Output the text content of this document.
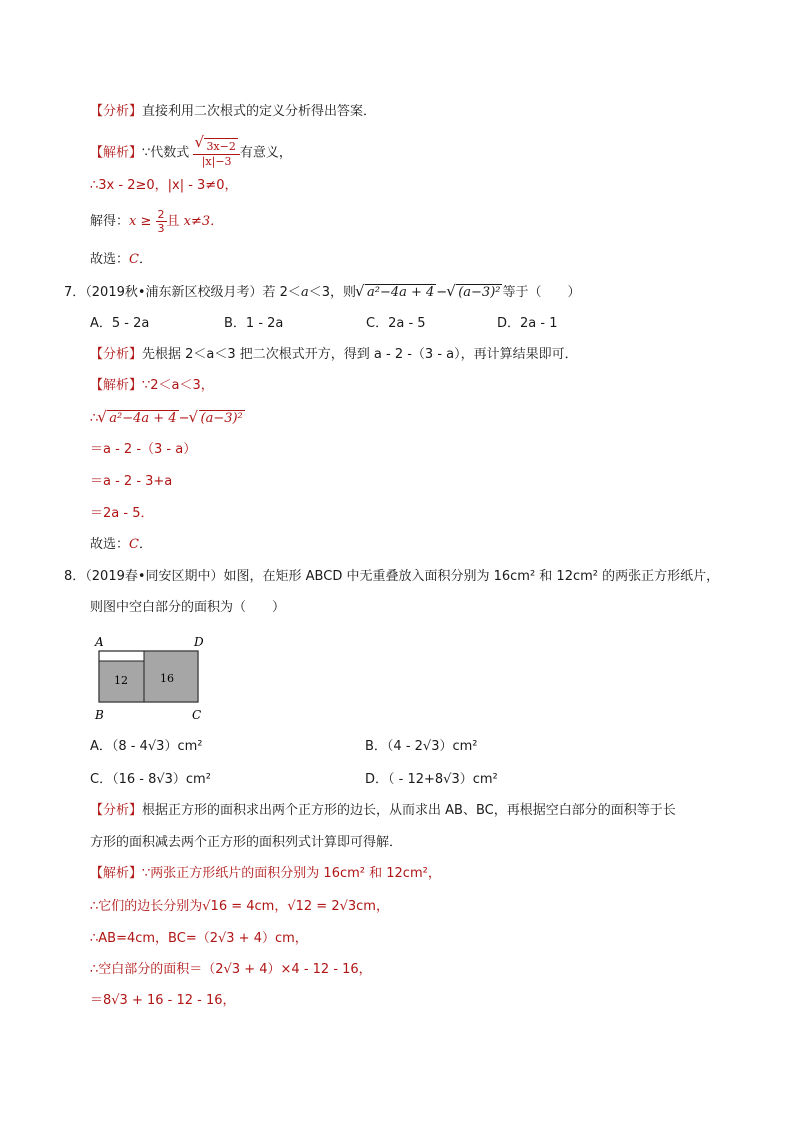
【分析】直接利用二次根式的定义分析得出答案．
【解析】∵代数式 √ $\frac{3x-2}{|x|-3}$ 有意义，
∴3x - 2≥0，|x| - 3≠0，
解得：$x \ge \frac{2}{3}$ 且 x≠3．
故选：C．
7．（2019秋•浦东新区校级月考）若 2＜a＜3，则 √ a²−4a + 4 − √ (a−3)² 等于（　　）
A．5 - 2a	B．1 - 2a	C．2a - 5	D．2a - 1
【分析】先根据 2＜a＜3 把二次根式开方，得到 a - 2 -（3 - a），再计算结果即可．
【解析】∵2＜a＜3，
∴ √ a²−4a + 4 − √ (a−3)²
＝a - 2 -（3 - a）
＝a - 2 - 3+a
＝2a - 5．
故选：C．
8．（2019春•同安区期中）如图，在矩形 ABCD 中无重叠放入面积分别为 16cm² 和 12cm² 的两张正方形纸片，
则图中空白部分的面积为（　　）
12	16
A	D
B	C
A．（8 - 4√3）cm²	B．（4 - 2√3）cm²
C．（16 - 8√3）cm²	D．（ - 12+8√3）cm²
【分析】根据正方形的面积求出两个正方形的边长，从而求出 AB、BC，再根据空白部分的面积等于长
方形的面积减去两个正方形的面积列式计算即可得解．
【解析】∵两张正方形纸片的面积分别为 16cm² 和 12cm²，
∴它们的边长分别为√16 = 4cm，√12 = 2√3cm，
∴AB=4cm，BC=（2√3 + 4）cm，
∴空白部分的面积＝（2√3 + 4）×4 - 12 - 16，
＝8√3 + 16 - 12 - 16，
